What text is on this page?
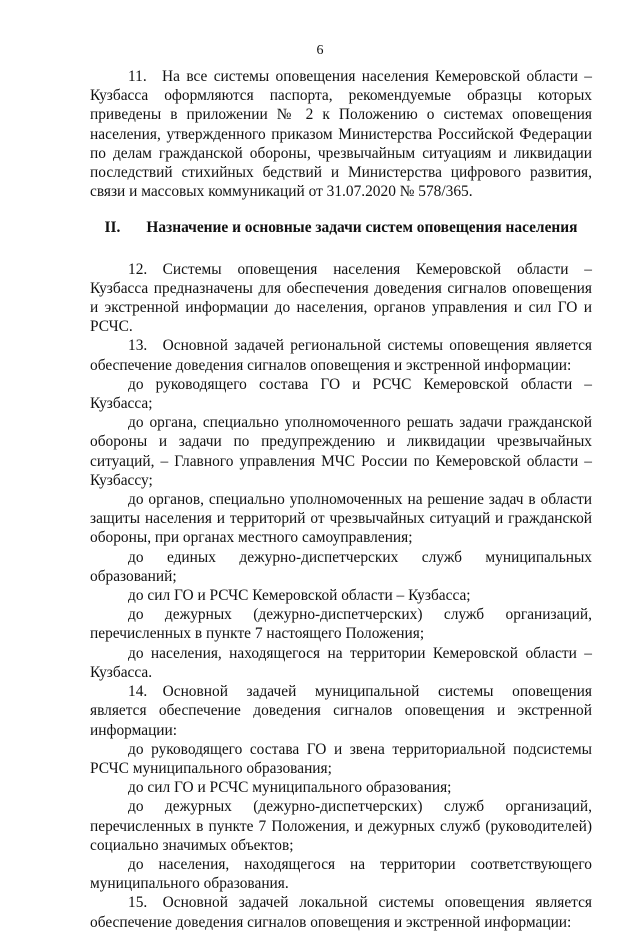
6

11. На все системы оповещения населения Кемеровской области – Кузбасса оформляются паспорта, рекомендуемые образцы которых приведены в приложении № 2 к Положению о системах оповещения населения, утвержденного приказом Министерства Российской Федерации по делам гражданской обороны, чрезвычайным ситуациям и ликвидации последствий стихийных бедствий и Министерства цифрового развития, связи и массовых коммуникаций от 31.07.2020 № 578/365.

II. Назначение и основные задачи систем оповещения населения

12. Системы оповещения населения Кемеровской области – Кузбасса предназначены для обеспечения доведения сигналов оповещения и экстренной информации до населения, органов управления и сил ГО и РСЧС.

13. Основной задачей региональной системы оповещения является обеспечение доведения сигналов оповещения и экстренной информации:

до руководящего состава ГО и РСЧС Кемеровской области – Кузбасса;

до органа, специально уполномоченного решать задачи гражданской обороны и задачи по предупреждению и ликвидации чрезвычайных ситуаций, – Главного управления МЧС России по Кемеровской области – Кузбассу;

до органов, специально уполномоченных на решение задач в области защиты населения и территорий от чрезвычайных ситуаций и гражданской обороны, при органах местного самоуправления;

до единых дежурно-диспетчерских служб муниципальных образований;

до сил ГО и РСЧС Кемеровской области – Кузбасса;

до дежурных (дежурно-диспетчерских) служб организаций, перечисленных в пункте 7 настоящего Положения;

до населения, находящегося на территории Кемеровской области – Кузбасса.

14. Основной задачей муниципальной системы оповещения является обеспечение доведения сигналов оповещения и экстренной информации:

до руководящего состава ГО и звена территориальной подсистемы РСЧС муниципального образования;

до сил ГО и РСЧС муниципального образования;

до дежурных (дежурно-диспетчерских) служб организаций, перечисленных в пункте 7 Положения, и дежурных служб (руководителей) социально значимых объектов;

до населения, находящегося на территории соответствующего муниципального образования.

15. Основной задачей локальной системы оповещения является обеспечение доведения сигналов оповещения и экстренной информации:
